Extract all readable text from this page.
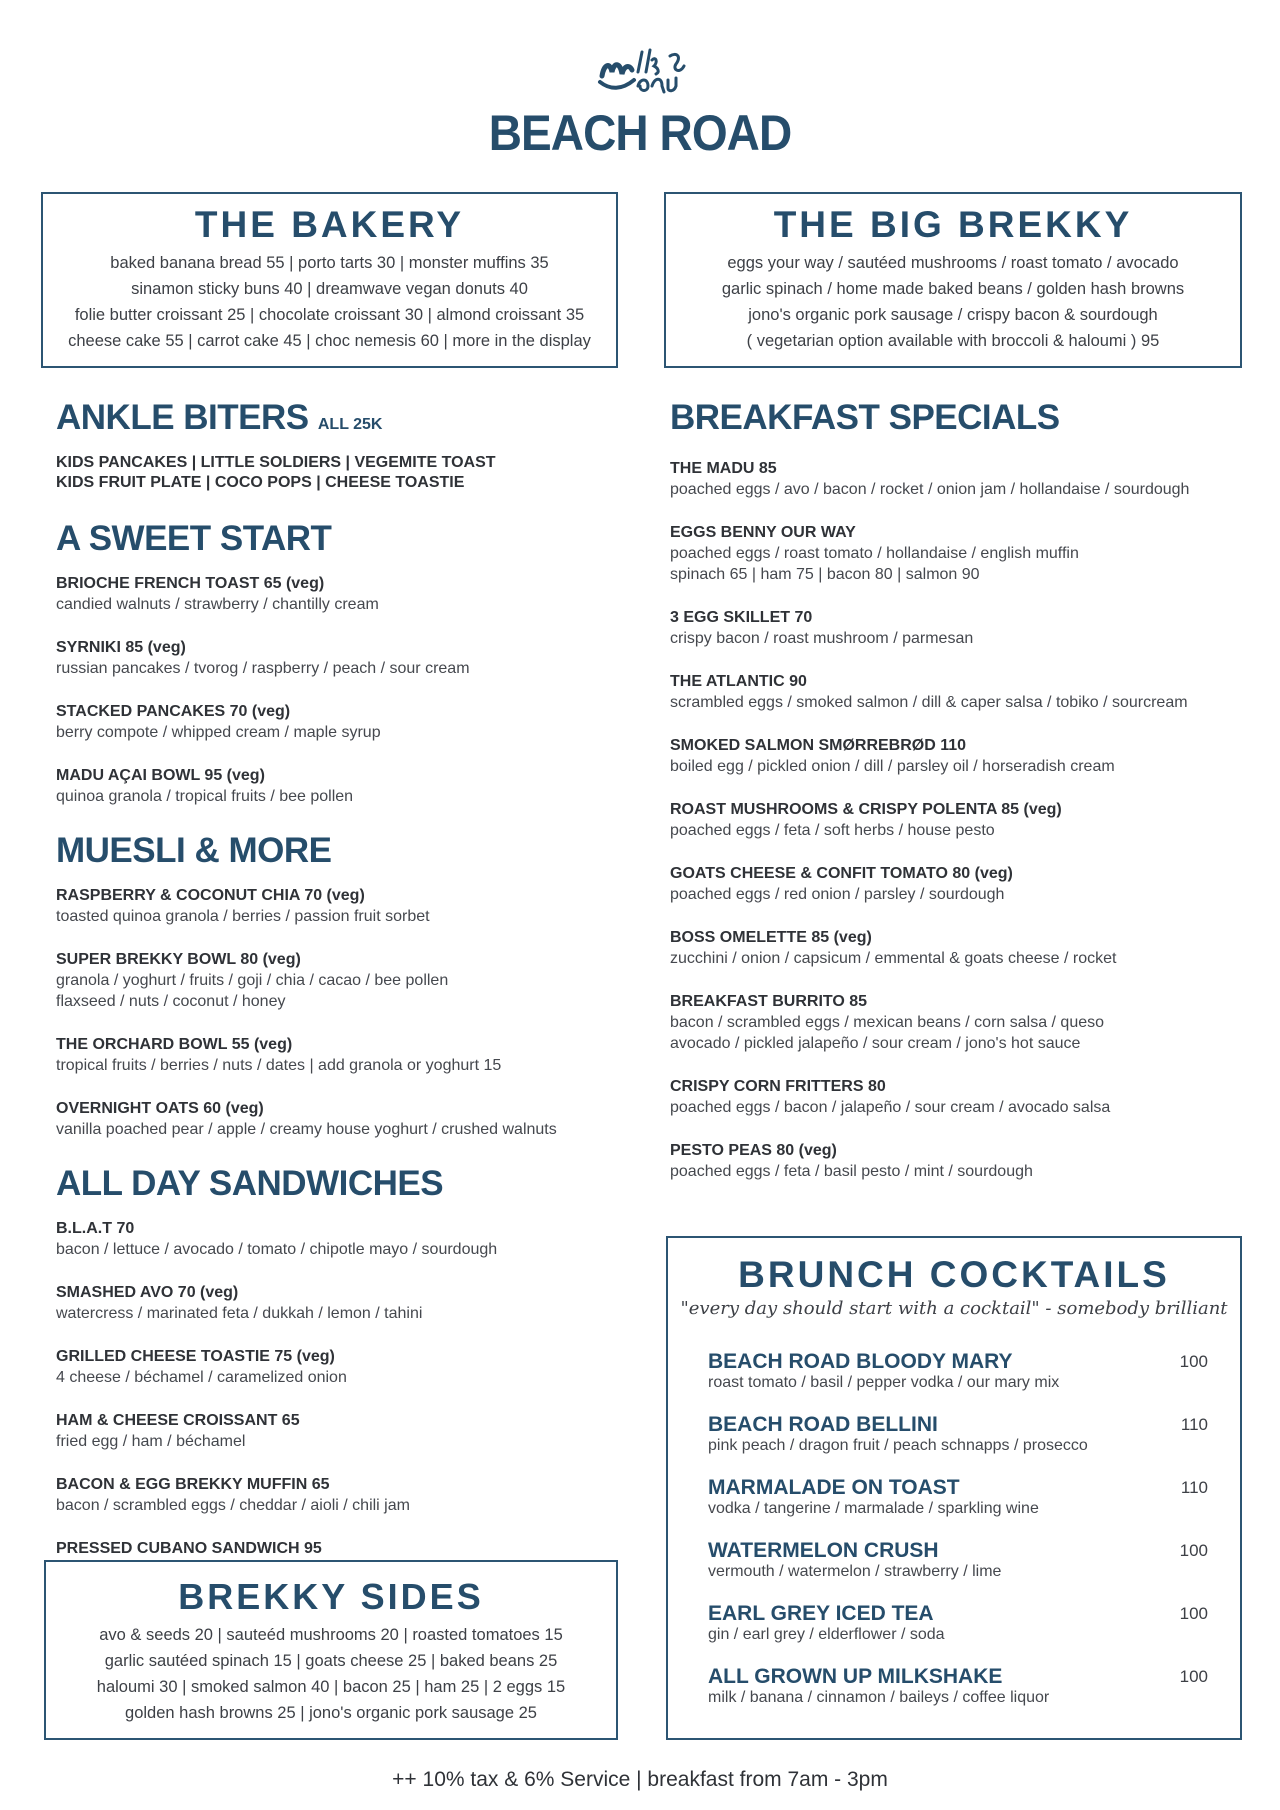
BEACH ROAD
THE BAKERY
baked banana bread 55 | porto tarts 30 | monster muffins 35
sinamon sticky buns 40 | dreamwave vegan donuts 40
folie butter croissant 25 | chocolate croissant 30 | almond croissant 35
cheese cake 55 | carrot cake 45 | choc nemesis 60 | more in the display
THE BIG BREKKY
eggs your way / sautéed mushrooms / roast tomato / avocado
garlic spinach / home made baked beans / golden hash browns
jono's organic pork sausage / crispy bacon & sourdough
( vegetarian option available with broccoli & haloumi ) 95
ANKLE BITERS ALL 25K
KIDS PANCAKES | LITTLE SOLDIERS | VEGEMITE TOAST
KIDS FRUIT PLATE | COCO POPS | CHEESE TOASTIE
A SWEET START
BRIOCHE FRENCH TOAST 65 (veg)
candied walnuts / strawberry / chantilly cream
SYRNIKI 85 (veg)
russian pancakes / tvorog / raspberry / peach / sour cream
STACKED PANCAKES 70 (veg)
berry compote / whipped cream / maple syrup
MADU AÇAI BOWL 95 (veg)
quinoa granola / tropical fruits / bee pollen
MUESLI & MORE
RASPBERRY & COCONUT CHIA 70 (veg)
toasted quinoa granola / berries / passion fruit sorbet
SUPER BREKKY BOWL 80 (veg)
granola / yoghurt / fruits / goji / chia / cacao / bee pollen
flaxseed / nuts / coconut / honey
THE ORCHARD BOWL 55 (veg)
tropical fruits / berries / nuts / dates | add granola or yoghurt 15
OVERNIGHT OATS 60 (veg)
vanilla poached pear / apple / creamy house yoghurt / crushed walnuts
ALL DAY SANDWICHES
B.L.A.T 70
bacon / lettuce / avocado / tomato / chipotle mayo / sourdough
SMASHED AVO 70 (veg)
watercress / marinated feta / dukkah / lemon / tahini
GRILLED CHEESE TOASTIE 75 (veg)
4 cheese / béchamel / caramelized onion
HAM & CHEESE CROISSANT 65
fried egg / ham / béchamel
BACON & EGG BREKKY MUFFIN 65
bacon / scrambled eggs / cheddar / aioli / chili jam
PRESSED CUBANO SANDWICH 95
BREAKFAST SPECIALS
THE MADU 85
poached eggs / avo / bacon / rocket / onion jam / hollandaise / sourdough
EGGS BENNY OUR WAY
poached eggs / roast tomato / hollandaise / english muffin
spinach 65 | ham 75 | bacon 80 | salmon 90
3 EGG SKILLET 70
crispy bacon / roast mushroom / parmesan
THE ATLANTIC 90
scrambled eggs / smoked salmon / dill & caper salsa / tobiko / sourcream
SMOKED SALMON SMØRREBRØD 110
boiled egg / pickled onion / dill / parsley oil / horseradish cream
ROAST MUSHROOMS & CRISPY POLENTA 85 (veg)
poached eggs / feta / soft herbs / house pesto
GOATS CHEESE & CONFIT TOMATO 80 (veg)
poached eggs / red onion / parsley / sourdough
BOSS OMELETTE 85 (veg)
zucchini / onion / capsicum / emmental & goats cheese / rocket
BREAKFAST BURRITO 85
bacon / scrambled eggs / mexican beans / corn salsa / queso
avocado / pickled jalapeño / sour cream / jono's hot sauce
CRISPY CORN FRITTERS 80
poached eggs / bacon / jalapeño / sour cream / avocado salsa
PESTO PEAS 80 (veg)
poached eggs / feta / basil pesto / mint / sourdough
BRUNCH COCKTAILS
"every day should start with a cocktail" - somebody brilliant
BEACH ROAD BLOODY MARY
roast tomato / basil / pepper vodka / our mary mix
100
BEACH ROAD BELLINI
pink peach / dragon fruit / peach schnapps / prosecco
110
MARMALADE ON TOAST
vodka / tangerine / marmalade / sparkling wine
110
WATERMELON CRUSH
vermouth / watermelon / strawberry / lime
100
EARL GREY ICED TEA
gin / earl grey / elderflower / soda
100
ALL GROWN UP MILKSHAKE
milk / banana / cinnamon / baileys / coffee liquor
100
BREKKY SIDES
avo & seeds 20 | sauteéd mushrooms 20 | roasted tomatoes 15
garlic sautéed spinach 15 | goats cheese 25 | baked beans 25
haloumi 30 | smoked salmon 40 | bacon 25 | ham 25 | 2 eggs 15
golden hash browns 25 | jono's organic pork sausage 25
++ 10% tax & 6% Service | breakfast from 7am - 3pm
